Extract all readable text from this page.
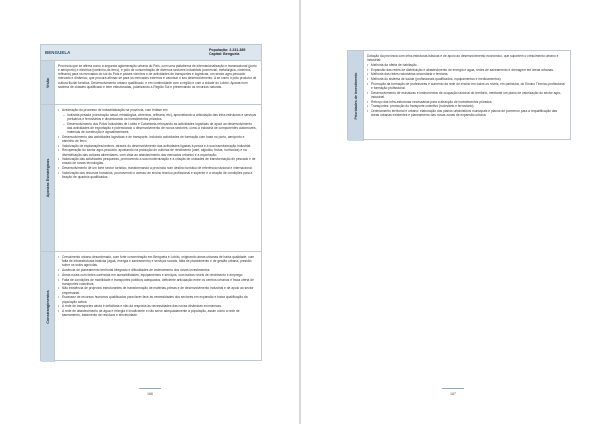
BENGUELA	População: 2.231.385
Capital: Benguela
Visão

Província que se afirma como a segunda aglomeração urbana do País, com uma plataforma de internacionalização e transnacional (porto e aeroporto) e eléctrica (caminho-de-ferro), e pólo de concentração de diversos sectores industriais (comercial, metalúrgica, cimentos, refinaria) para os mercados do sul do País e países vizinhos e de actividades de transportes e logísticas, um sector agro-pecuário mercado e dinâmico, que procura afirmar-se para os mercados externos e valorizar o seu desenvolvimento. A se como o pólo produtor de cultura fluvial turística. Desenvolvimento urbano qualificado, e em continuidade com a região e com a cidade do Lobito. Aposta num sistema de cidades qualificado e bem estruturadas, polarizando a Região Sul e preservando os recursos naturais.

Apostas Estratégicas
• Aceleração do processo de industrialização na província, com ênfase em:
– Indústria pesada (construção naval, metalúrgica, cimentos, refinaria, etc), aproveitando a articulação das infra-estruturas e serviços portuários e ferroviários e dinamizando os investimentos privados.
– Desenvolvimento dos Pólos Industriais de Lobito e Catumbela reforçando as actividades logísticas de apoio ao desenvolvimento das actividades de exportação e potenciando o desenvolvimento de novos sectores, como a indústria de componentes automóveis, materiais de construção e agroalimentares.
• Desenvolvimento das actividades logísticas e de transporte, incluindo actividades de formação com base no porto, aeroporto e caminho de ferro.
• Valorização de esplanações/centros, através do desenvolvimento das actividades ligadas à pesca e à sua transformação industrial.
• Recuperação do sector agro-pecuário, apostando na produção de culturas de rendimento (café, algodão, frutas, hortícolas) e na diversificação das culturas alimentares, com vista ao abastecimento dos mercados urbanos e a exportação.
• Valorização das actividades pesqueiras, promovendo a sua modernização e a criação de unidades de transformação de pescado e de ensaio de novas tecnologias.
• Desenvolvimento de um forte sector turístico, transformando a província num destino turístico de referência nacional e internacional.
• Valorização dos recursos humanos, promovendo o acesso ao ensino técnico-profissional e superior e a criação de condições para a fixação de quadros qualificados.
Constrangimentos
• Crescimento urbano desordenado, com forte concentração em Benguela e Lobito, originando áreas urbanas de baixa qualidade, com falta de infraestruturas básicas (água, energia e saneamento) e serviços sociais, falta de planeamento e de gestão urbana, pressão sobre os solos agrícolas.
• Ausência de planeamento territorial integrado e dificuldades de ordenamento dos novos investimentos.
• Áreas rurais com fortes carências em acessibilidades, equipamentos e serviços, com baixos níveis de rendimento e emprego.
• Falta de condições de mobilidade e transportes públicos adequados, deficiente articulação entre os centros urbanos e fraca oferta de transportes colectivos.
• Não existência de projectos estruturantes de transformação de matérias-primas e de desenvolvimento industrial e de apoio ao sector empresarial.
• Escassez de recursos humanos qualificados para fazer face às necessidades dos sectores em expansão e baixa qualificação da população activa.
• A rede de transportes ainda é deficitária e não dá resposta às necessidades das novas dinâmicas económicas.
• A rede de abastecimento de água e energia é insuficiente e não serve adequadamente a população, assim como a rede de saneamento, tratamento de resíduos e electricidade.
186
Prioridades de Investimento
Dotação da província com infra-estruturas básicas e de apoio ao desenvolvimento económico, que suportem o crescimento urbano e industrial:
• Melhoria da oferta de habitação.
• Expansão das redes de distribuição e abastecimento de energia e água, redes de saneamento e drenagem em áreas urbanas.
• Melhoria das redes rodoviárias secundária e terciária.
• Melhoria do sistema de saúde (profissionais qualificados, equipamentos e medicamentos).
• Promoção da formação de professores e aumento da rede de ensino em todos os níveis, em particular, do Ensino Técnico-profissional e formação profissional.
• Desenvolvimento de estruturas e instrumentos de ocupação racional do território, mediante um plano de valorização do sector agro-industrial.
• Reforço das infra-estruturas necessárias para a atracção de investimentos privados.
• Transportes: promoção do transporte colectivo (rodoviário e ferroviário).
• Ordenamento territorial e urbano: elaboração dos planos urbanísticos municipais e planos de pormenor para a requalificação das áreas urbanas existentes e planeamento das novas zonas de expansão urbana.
187
